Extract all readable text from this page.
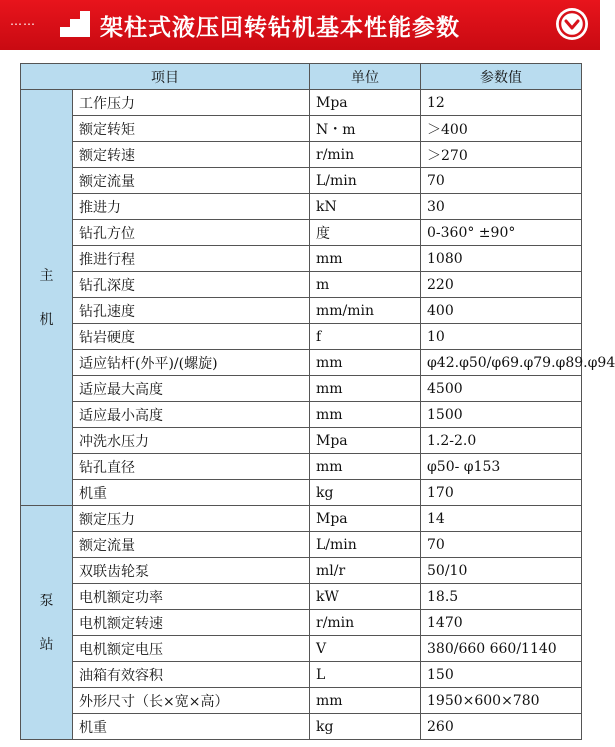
……	架柱式液压回转钻机基本性能参数
项目		单位	参数值
主机	工作压力	Mpa	12
	额定转矩	N・m	＞400
	额定转速	r/min	＞270
	额定流量	L/min	70
	推进力	kN	30
	钻孔方位	度	0-360° ±90°
	推进行程	mm	1080
	钻孔深度	m	220
	钻孔速度	mm/min	400
	钻岩硬度	f	10
	适应钻杆(外平)/(螺旋)	mm	φ42.φ50/φ69.φ79.φ89.φ94
	适应最大高度	mm	4500
	适应最小高度	mm	1500
	冲洗水压力	Mpa	1.2-2.0
	钻孔直径	mm	φ50- φ153
	机重	kg	170
泵站	额定压力	Mpa	14
	额定流量	L/min	70
	双联齿轮泵	ml/r	50/10
	电机额定功率	kW	18.5
	电机额定转速	r/min	1470
	电机额定电压	V	380/660 660/1140
	油箱有效容积	L	150
	外形尺寸（长×宽×高）	mm	1950×600×780
	机重	kg	260
